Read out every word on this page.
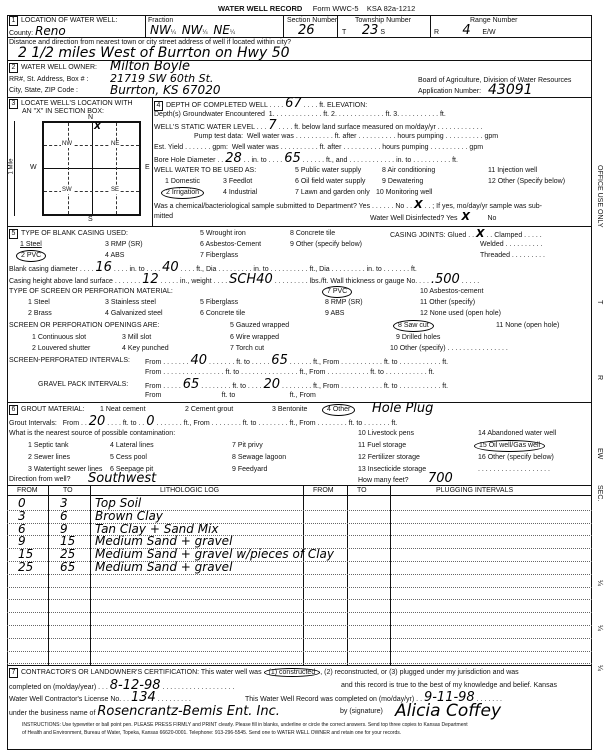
WATER WELL RECORD Form WWC-5 KSA 82a-1212
1 LOCATION OF WATER WELL:
County: Reno
Fraction
NW¼ NW¼ NE¼
Section Number
26
Township Number
T 23 S
Range Number
R 4 E/W
Distance and direction from nearest town or city street address of well if located within city?
2 1/2 miles West of Burrton on Hwy 50
2 WATER WELL OWNER: Milton Boyle
RR#, St. Address, Box # : 21719 SW 60th St.
City, State, ZIP Code :	Burrton, KS 67020
Board of Agriculture, Division of Water Resources
Application Number: 43091
3 LOCATE WELL'S LOCATION WITH
AN "X" IN SECTION BOX:
N
S
W	E
1 Mile
NW	NE
SW	SE
X
4 DEPTH OF COMPLETED WELL . . . . 67 . . . . ft. ELEVATION:
Depth(s) Groundwater Encountered 1. . . . . . . . . . . . . ft. 2. . . . . . . . . . . . . ft. 3. . . . . . . . . . . ft.
WELL'S STATIC WATER LEVEL . . . 7 . . . . ft. below land surface measured on mo/day/yr . . . . . . . . . . . .
Pump test data: Well water was . . . . . . . . . . ft. after . . . . . . . . . . hours pumping . . . . . . . . . . gpm
Est. Yield . . . . . . . gpm: Well water was . . . . . . . . . . ft. after . . . . . . . . . . hours pumping . . . . . . . . . . gpm
Bore Hole Diameter . . 28 . . in. to . . . . 65 . . . . . . ft., and . . . . . . . . . . . . in. to . . . . . . . . . . ft.
WELL WATER TO BE USED AS:
1 Domestic
2 Irrigation
3 Feedlot
4 Industrial
5 Public water supply
6 Oil field water supply
7 Lawn and garden only
8 Air conditioning
9 Dewatering
10 Monitoring well
11 Injection well
12 Other (Specify below)
Was a chemical/bacteriological sample submitted to Department? Yes . . . . . . No . . X . . ; If yes, mo/day/yr sample was sub-
mitted	Water Well Disinfected? Yes X	No
5 TYPE OF BLANK CASING USED:
1 Steel
2 PVC
3 RMP (SR)
4 ABS
5 Wrought iron
6 Asbestos-Cement
7 Fiberglass
8 Concrete tile
9 Other (specify below)
CASING JOINTS: Glued . . X . . Clamped . . . . .
Welded . . . . . . . . . .
Threaded . . . . . . . . .
Blank casing diameter . . . . 16 . . . . in. to . . . . 40 . . . . ft., Dia . . . . . . . . . in. to . . . . . . . . . . ft., Dia . . . . . . . . . in. to . . . . . . . ft.
Casing height above land surface . . . . . . . 12 . . . . . in., weight . . . . SCH40 . . . . . . . . . lbs./ft. Wall thickness or gauge No. . . . .500 . . . . .
TYPE OF SCREEN OR PERFORATION MATERIAL:
1 Steel
2 Brass
3 Stainless steel
4 Galvanized steel
5 Fiberglass
6 Concrete tile
7 PVC
8 RMP (SR)
9 ABS
10 Asbestos-cement
11 Other (specify)
12 None used (open hole)
SCREEN OR PERFORATION OPENINGS ARE:
1 Continuous slot
2 Louvered shutter
3 Mill slot
4 Key punched
5 Gauzed wrapped
6 Wire wrapped
7 Torch cut
8 Saw cut
9 Drilled holes
10 Other (specify) . . . . . . . . . . . . . . . .
11 None (open hole)
SCREEN-PERFORATED INTERVALS: From . . . . . . . 40 . . . . . . . ft. to . . . . . 65 . . . . . . ft., From . . . . . . . . . . . ft. to . . . . . . . . . . . ft.
From . . . . . . . . . . . . . . . . ft. to . . . . . . . . . . . . . . . ft., From . . . . . . . . . . . ft. to . . . . . . . . . . . ft.
GRAVEL PACK INTERVALS: From . . . . . 65 . . . . . . . . ft. to . . . . 20 . . . . . . . . ft., From . . . . . . . . . . . ft. to . . . . . . . . . . . ft.
From	ft. to	ft., From
6 GROUT MATERIAL: 1 Neat cement	2 Cement grout	3 Bentonite	4 Other	Hole Plug
Grout Intervals: From . . 20 . . . . ft. to . . 0 . . . . . . . ft., From . . . . . . . . ft. to . . . . . . . . ft., From . . . . . . . . ft. to . . . . . . . ft.
What is the nearest source of possible contamination:
1 Septic tank
2 Sewer lines
3 Watertight sewer lines
4 Lateral lines
5 Cess pool
6 Seepage pit
7 Pit privy
8 Sewage lagoon
9 Feedyard
10 Livestock pens
11 Fuel storage
12 Fertilizer storage
13 Insecticide storage
14 Abandoned water well
15 Oil well/Gas well
16 Other (specify below)
. . . . . . . . . . . . . . . . . . .
Direction from well? Southwest	How many feet? 700
FROM	TO	LITHOLOGIC LOG	FROM	TO	PLUGGING INTERVALS
0	3 Top Soil
3	6 Brown Clay
6	9 Tan Clay + Sand Mix
9	15 Medium Sand + gravel
15 25 Medium Sand + gravel w/pieces of Clay
25 65 Medium Sand + gravel
7 CONTRACTOR'S OR LANDOWNER'S CERTIFICATION: This water well was (1) constructed , (2) reconstructed, or (3) plugged under my jurisdiction and was
completed on (mo/day/year) . . . 8-12-98 . . . . . . . . . . . . . . . . . . .	and this record is true to the best of my knowledge and belief. Kansas
Water Well Contractor's License No. . . 134 . . . . . . . . .	This Water Well Record was completed on (mo/day/yr) . . 9-11-98 . . . . . . .
under the business name of Rosencrantz-Bemis Ent. Inc.	by (signature) Alicia Coffey
INSTRUCTIONS: Use typewriter or ball point pen. PLEASE PRESS FIRMLY and PRINT clearly. Please fill in blanks, underline or circle the correct answers. Send top three copies to Kansas Department
of Health and Environment, Bureau of Water, Topeka, Kansas 66620-0001. Telephone: 913-296-5545. Send one to WATER WELL OWNER and retain one for your records.
OFFICE USE ONLY
T
R
EW
SEC.
¼
¼
¼
